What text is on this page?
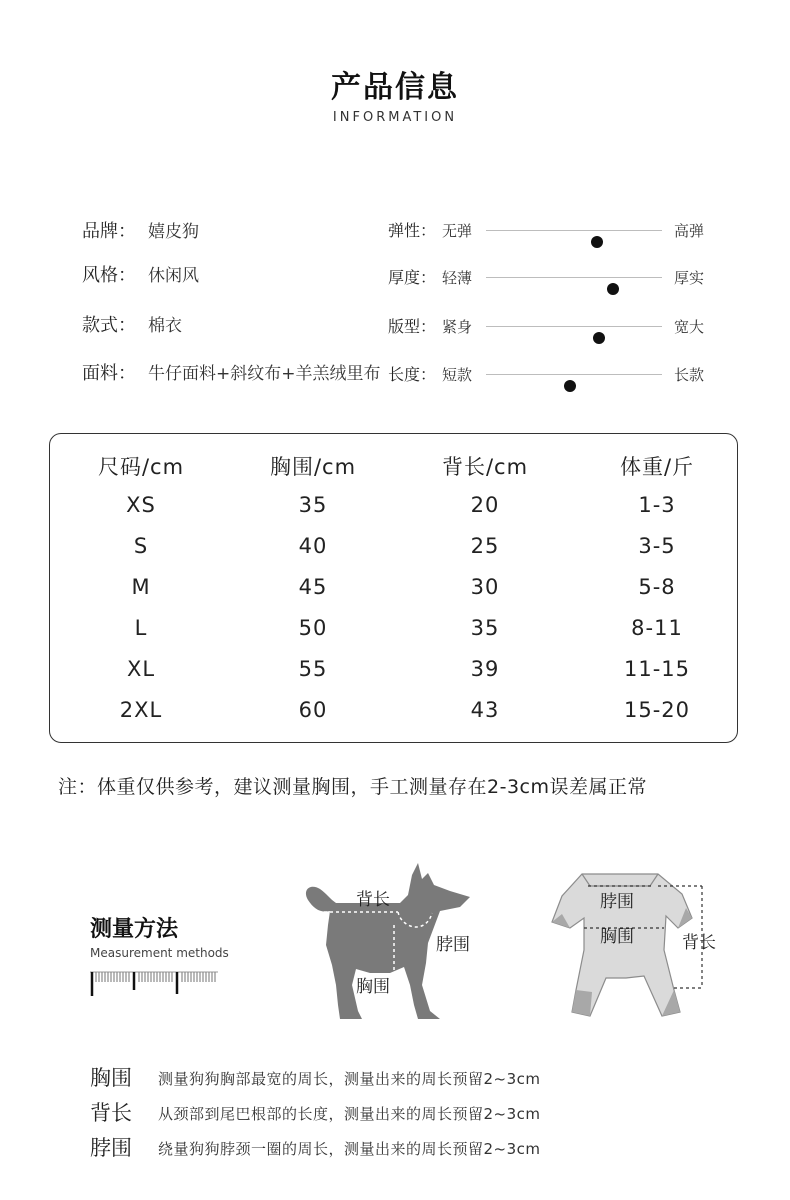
产品信息
INFORMATION
品牌： 嬉皮狗
风格： 休闲风
款式： 棉衣
面料： 牛仔面料+斜纹布+羊羔绒里布
弹性： 无弹	高弹
厚度： 轻薄	厚实
版型： 紧身	宽大
长度： 短款	长款
尺码/cm	胸围/cm	背长/cm	体重/斤
XS	35	20	1-3
S	40	25	3-5
M	45	30	5-8
L	50	35	8-11
XL	55	39	11-15
2XL	60	43	15-20
注：体重仅供参考，建议测量胸围，手工测量存在2-3cm误差属正常
测量方法
Measurement methods
背长
脖围
胸围
脖围
胸围	背长
胸围 测量狗狗胸部最宽的周长，测量出来的周长预留2~3cm
背长 从颈部到尾巴根部的长度，测量出来的周长预留2~3cm
脖围 绕量狗狗脖颈一圈的周长，测量出来的周长预留2~3cm
